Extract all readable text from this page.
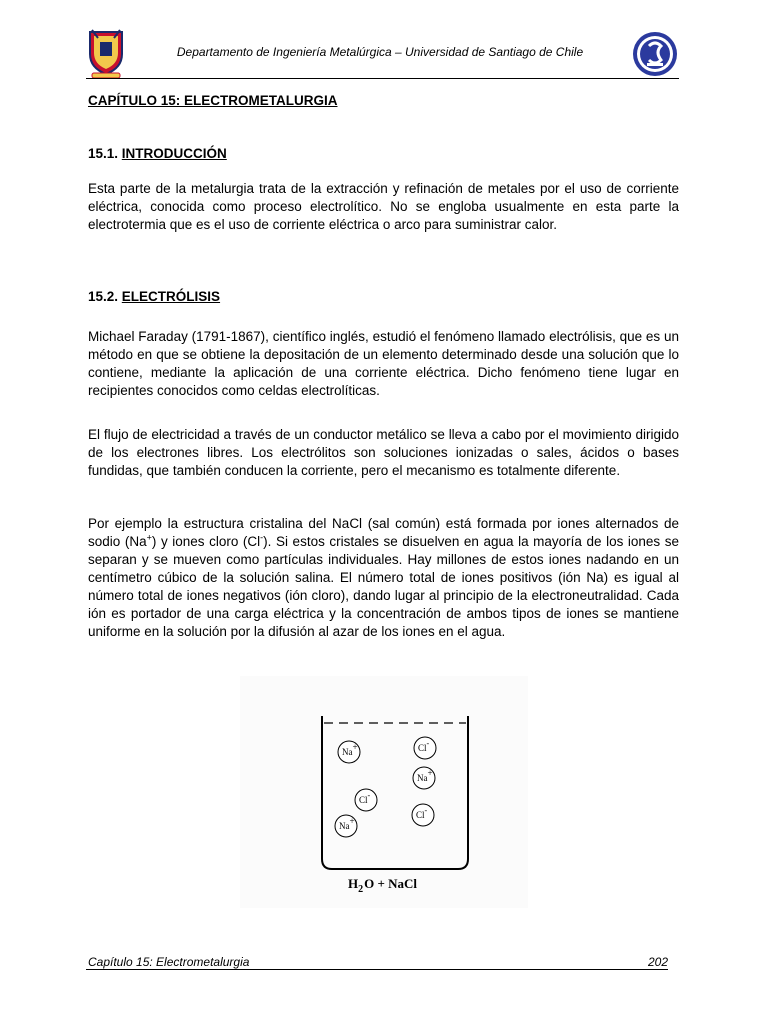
Departamento de Ingeniería Metalúrgica – Universidad de Santiago de Chile
CAPÍTULO 15: ELECTROMETALURGIA
15.1. INTRODUCCIÓN
Esta parte de la metalurgia trata de la extracción y refinación de metales por el uso de corriente eléctrica, conocida como proceso electrolítico. No se engloba usualmente en esta parte la electrotermia que es el uso de corriente eléctrica o arco para suministrar calor.
15.2. ELECTRÓLISIS
Michael Faraday (1791-1867), científico inglés, estudió el fenómeno llamado electrólisis, que es un método en que se obtiene la depositación de un elemento determinado desde una solución que lo contiene, mediante la aplicación de una corriente eléctrica. Dicho fenómeno tiene lugar en recipientes conocidos como celdas electrolíticas.
El flujo de electricidad a través de un conductor metálico se lleva a cabo por el movimiento dirigido de los electrones libres. Los electrólitos son soluciones ionizadas o sales, ácidos o bases fundidas, que también conducen la corriente, pero el mecanismo es totalmente diferente.
Por ejemplo la estructura cristalina del NaCl (sal común) está formada por iones alternados de sodio (Na+) y iones cloro (Cl-). Si estos cristales se disuelven en agua la mayoría de los iones se separan y se mueven como partículas individuales. Hay millones de estos iones nadando en un centímetro cúbico de la solución salina. El número total de iones positivos (ión Na) es igual al número total de iones negativos (ión cloro), dando lugar al principio de la electroneutralidad. Cada ión es portador de una carga eléctrica y la concentración de ambos tipos de iones se mantiene uniforme en la solución por la difusión al azar de los iones en el agua.
Na+	Cl-
Na+
Cl-
Cl-
Na+
$H_2O$ + NaCl
Capítulo 15: Electrometalurgia	202
